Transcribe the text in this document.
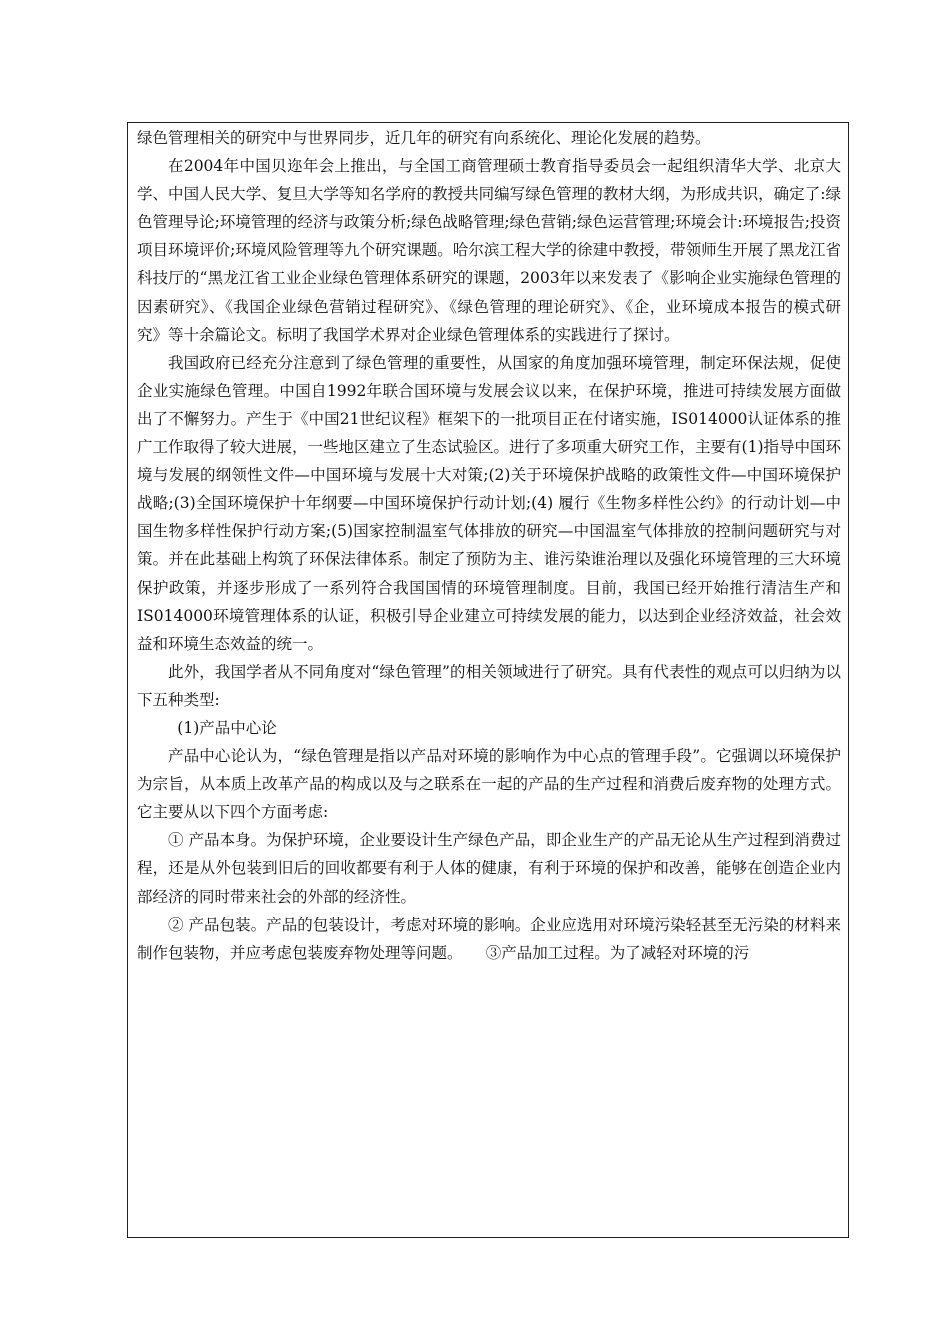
绿色管理相关的研究中与世界同步，近几年的研究有向系统化、理论化发展的趋势。

在2004年中国贝迩年会上推出，与全国工商管理硕士教育指导委员会一起组织清华大学、北京大学、中国人民大学、复旦大学等知名学府的教授共同编写绿色管理的教材大纲，为形成共识，确定了:绿色管理导论;环境管理的经济与政策分析;绿色战略管理;绿色营销;绿色运营管理;环境会计:环境报告;投资项目环境评价;环境风险管理等九个研究课题。哈尔滨工程大学的徐建中教授，带领师生开展了黑龙江省科技厅的“黑龙江省工业企业绿色管理体系研究的课题，2003年以来发表了《影响企业实施绿色管理的因素研究》、《我国企业绿色营销过程研究》、《绿色管理的理论研究》、《企，业环境成本报告的模式研究》等十余篇论文。标明了我国学术界对企业绿色管理体系的实践进行了探讨。

我国政府已经充分注意到了绿色管理的重要性，从国家的角度加强环境管理，制定环保法规，促使企业实施绿色管理。中国自1992年联合国环境与发展会议以来，在保护环境，推进可持续发展方面做出了不懈努力。产生于《中国21世纪议程》框架下的一批项目正在付诸实施，IS014000认证体系的推广工作取得了较大进展，一些地区建立了生态试验区。进行了多项重大研究工作，主要有(1)指导中国环境与发展的纲领性文件—中国环境与发展十大对策;(2)关于环境保护战略的政策性文件—中国环境保护战略;(3)全国环境保护十年纲要—中国环境保护行动计划;(4) 履行《生物多样性公约》的行动计划—中国生物多样性保护行动方案;(5)国家控制温室气体排放的研究—中国温室气体排放的控制问题研究与对策。并在此基础上构筑了环保法律体系。制定了预防为主、谁污染谁治理以及强化环境管理的三大环境保护政策，并逐步形成了一系列符合我国国情的环境管理制度。目前，我国已经开始推行清洁生产和IS014000环境管理体系的认证，积极引导企业建立可持续发展的能力，以达到企业经济效益，社会效益和环境生态效益的统一。

此外，我国学者从不同角度对“绿色管理”的相关领域进行了研究。具有代表性的观点可以归纳为以下五种类型:

(1)产品中心论

产品中心论认为，“绿色管理是指以产品对环境的影响作为中心点的管理手段”。它强调以环境保护为宗旨，从本质上改革产品的构成以及与之联系在一起的产品的生产过程和消费后废弃物的处理方式。它主要从以下四个方面考虑:

① 产品本身。为保护环境，企业要设计生产绿色产品，即企业生产的产品无论从生产过程到消费过程，还是从外包装到旧后的回收都要有利于人体的健康，有利于环境的保护和改善，能够在创造企业内部经济的同时带来社会的外部的经济性。

② 产品包装。产品的包装设计，考虑对环境的影响。企业应选用对环境污染轻甚至无污染的材料来制作包装物，并应考虑包装废弃物处理等问题。　　③产品加工过程。为了减轻对环境的污
